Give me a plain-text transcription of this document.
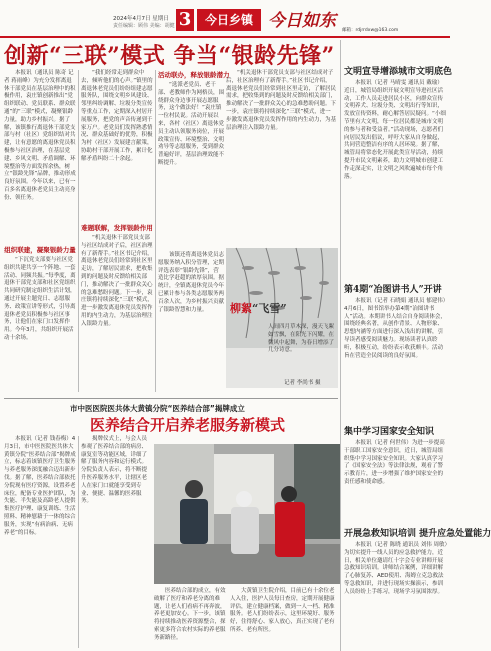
2024年4月7日 星期日
责任编辑：顾伟 美编：胡健 3	今日乡镇 今日如东 邮箱：rdjrrdxw@163.com
创新“三联”模式 争当“银龄先锋”

本报讯（通讯员 陈奇 记者 蒋雨峰）为充分发挥离退休干部党员在基层治理中的积极作用，袁庄镇创新推出“党组织联动、党员联系、群众联通”的“三联”模式，凝聚银龄力量，助力乡村振兴。据了解，该镇推行离退休干部党支部与村（社区）党组织结对共建，让有意愿的离退休党员积极参与社区治理，在基层党建、乡风文明、矛盾调解、环境整治等方面发挥余热，树立“银龄先锋”品牌，推动形成良好氛围。今年以来，已有一百多名离退休老党员主动亮身份、领任务。

组织联建，凝聚银龄力量

“下沉党支部要与社区党组织共建共享一个阵地、一套活动、同频共振。”每季度，离退休干部党支部和社区党组织共同研究制定组织生活计划，通过开展主题党日、志愿服务、政策宣讲等形式，引导离退休老党员积极参与社区事务，让他们在家门口发挥作用。今年3月，共组织开展活动十余场。

“我们经常走到群众中去，倾听他们的心声。”镇里的离退休老党员们纷纷组建志愿服务队，围绕文明乡风建设、邻里纠纷调解、垃圾分类宣传等重点工作，定期深入村居开展服务，把党的声音传递到千家万户。老党员们发挥熟悉情况、群众基础好的优势，积极为村（社区）发展建言献策，协助村干部开展工作，累计化解矛盾纠纷二十余起。

难题联解，发挥银龄作用

“机关退休干部党员支部与社区结成对子后，社区治理有了新帮手。”社区书记介绍，离退休老党员们经常到社区里走访，了解居民需求，把收集到的问题及时反馈给相关部门，推动解决了一批群众关心的急难愁盼问题。下一步，袁庄镇将持续深化“三联”模式，进一步激发离退休党员发挥作用的内生动力，为基层治理注入银龄力量。

活动联办，释放银龄潜力

“选派老党员、老干部、老教师作为网格员，围绕群众身边事开展志愿服务，这个做法好！”袁庄镇一位村民说。活动开展以来，各村（社区）离退休党员主动认领服务岗位，开展政策宣传、环境整治、文明劝导等志愿服务，受到群众普遍好评，基层治理效能不断提升。

该镇还将离退休党员志愿服务纳入积分管理，定期评选表彰“银龄先锋”，营造比学赶超的浓厚氛围。据统计，全镇离退休党员今年已累计参与各类志愿服务两百余人次，为乡村振兴贡献了银龄智慧和力量。

“机关退休干部党员支部与社区结成对子后，社区治理有了新帮手。”社区书记介绍，离退休老党员们经常到社区里走访，了解居民需求，把收集到的问题及时反馈给相关部门，推动解决了一批群众关心的急难愁盼问题。下一步，袁庄镇将持续深化“三联”模式，进一步激发离退休党员发挥作用的内生动力，为基层治理注入银龄力量。

柳絮“飞雪”

人间四月草木深，漫天飞絮如雪飘，在阳光下闪耀，在微风中起舞，为春日增添了几分诗意。

记者 李尚书 摄
文明宣导增添城市文明底色

本报讯（记者 马晴雯 通讯员 戴瑜）近日，城管局组织开展文明宣导进社区活动，工作人员走进居民小区，向群众宣传文明养犬、垃圾分类、文明出行等知识，发放宣传资料，耐心解答居民疑问。“小细节里有大文明，每一位居民都是城市文明的参与者和受益者。”活动现场，志愿者们向居民发出倡议，呼吁大家从自身做起，共同营造整洁有序的人居环境。据了解，城管局将常态化开展此类宣导活动，持续提升市民文明素养，助力文明城市创建工作走深走实，让文明之风吹遍城市每个角落。

第4期“冶图讲书人”开讲

本报讯（记者 石晓娟 通讯员 郁建伟）4月6日，图书馆举办第4期“冶图讲书人”活动。本期讲书人结合自身阅读体会，围绕经典名著，从创作背景、人物形象、思想内涵等方面进行深入浅出的讲解，引导读者感受阅读魅力。现场读者认真聆听，积极互动，纷纷表示收获颇丰。活动旨在营造全民阅读的良好氛围。

集中学习国家安全知识

本报讯（记者 何世伟）为进一步提高干部职工国家安全意识，近日，城管局组织集中学习国家安全知识。大家认真学习了《国家安全法》等法律法规，观看了警示教育片，进一步增强了维护国家安全的责任感和使命感。

开展急救知识培训 提升应急处置能力

本报讯（记者 陈晓 通讯员 刘伟 周敏）为切实提升一线人员的应急救护能力，近日，相关单位邀请红十字会专业讲师开展急救知识培训。讲师结合案例，详细讲解了心肺复苏、AED使用、海姆立克急救法等急救知识，并进行现场实操演示，参训人员纷纷上手练习，现场学习氛围浓厚。

市中医医院医共体大黄镇分院“医养结合部”揭牌成立
医养结合开启养老服务新模式

本报讯（记者 钱春梅）4月3日，市中医医院医共体大黄镇分院“医养结合部”揭牌成立，标志着该镇医疗卫生服务与养老服务深度融合迈出新步伐。据了解，医养结合部依托分院现有医疗资源，设置养老床位，配备专业医护团队，为失能、半失能及高龄老人提供集医疗护理、康复训练、生活照料、精神慰藉于一体的综合服务，实现“有病治病、无病养老”的目标。

揭牌仪式上，与会人员参观了医养结合部的病房、康复室等功能区域，详细了解了服务内容和运行模式。分院负责人表示，将不断提升医养服务水平，让辖区老人在家门口就能享受到专业、便捷、温馨的医养服务。

医养结合部的成立，有效破解了医疗和养老分离的难题，让老人们看病不再奔波，养老更加安心。下一步，该镇将持续推动医养资源整合，探索更多符合农村实际的养老服务新路径。

大黄镇卫生院介绍，目前已有十余位老人入住，医护人员每日查房，定期开展健康评估，建立健康档案，做到一人一档、精准服务。老人们纷纷表示，这里环境好、服务好，住得舒心、家人放心，真正实现了老有所养、老有所医。
